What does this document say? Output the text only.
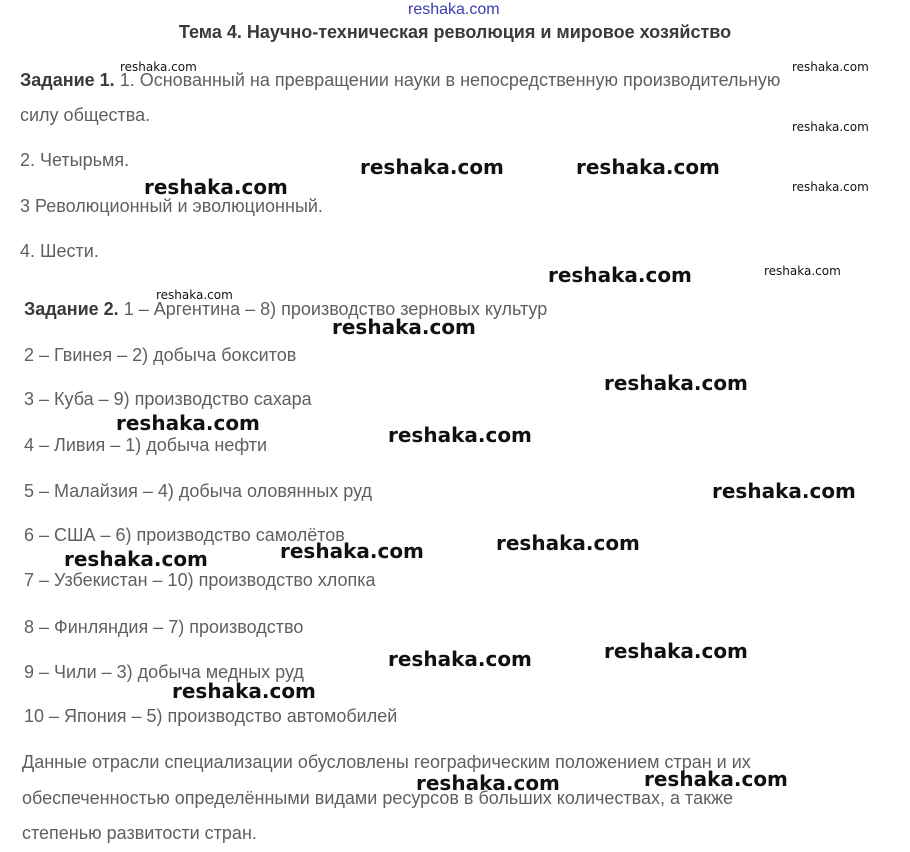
reshaka.com
Тема 4. Научно-техническая революция и мировое хозяйство
Задание 1. 1. Основанный на превращении науки в непосредственную производительную
силу общества.
2. Четырьмя.
3 Революционный и эволюционный.
4. Шести.
Задание 2. 1 – Аргентина – 8) производство зерновых культур
2 – Гвинея – 2) добыча бокситов
3 – Куба – 9) производство сахара
4 – Ливия – 1) добыча нефти
5 – Малайзия – 4) добыча оловянных руд
6 – США – 6) производство самолётов
7 – Узбекистан – 10) производство хлопка
8 – Финляндия – 7) производство
9 – Чили – 3) добыча медных руд
10 – Япония – 5) производство автомобилей
Данные отрасли специализации обусловлены географическим положением стран и их
обеспеченностью определёнными видами ресурсов в больших количествах, а также
степенью развитости стран.
reshaka.com	reshaka.com
reshaka.com
reshaka.com
reshaka.com
reshaka.com
reshaka.com	reshaka.com
reshaka.com
reshaka.com
reshaka.com
reshaka.com
reshaka.com	reshaka.com
reshaka.com
reshaka.com
reshaka.com
reshaka.com
reshaka.com
reshaka.com
reshaka.com
reshaka.com
reshaka.com
